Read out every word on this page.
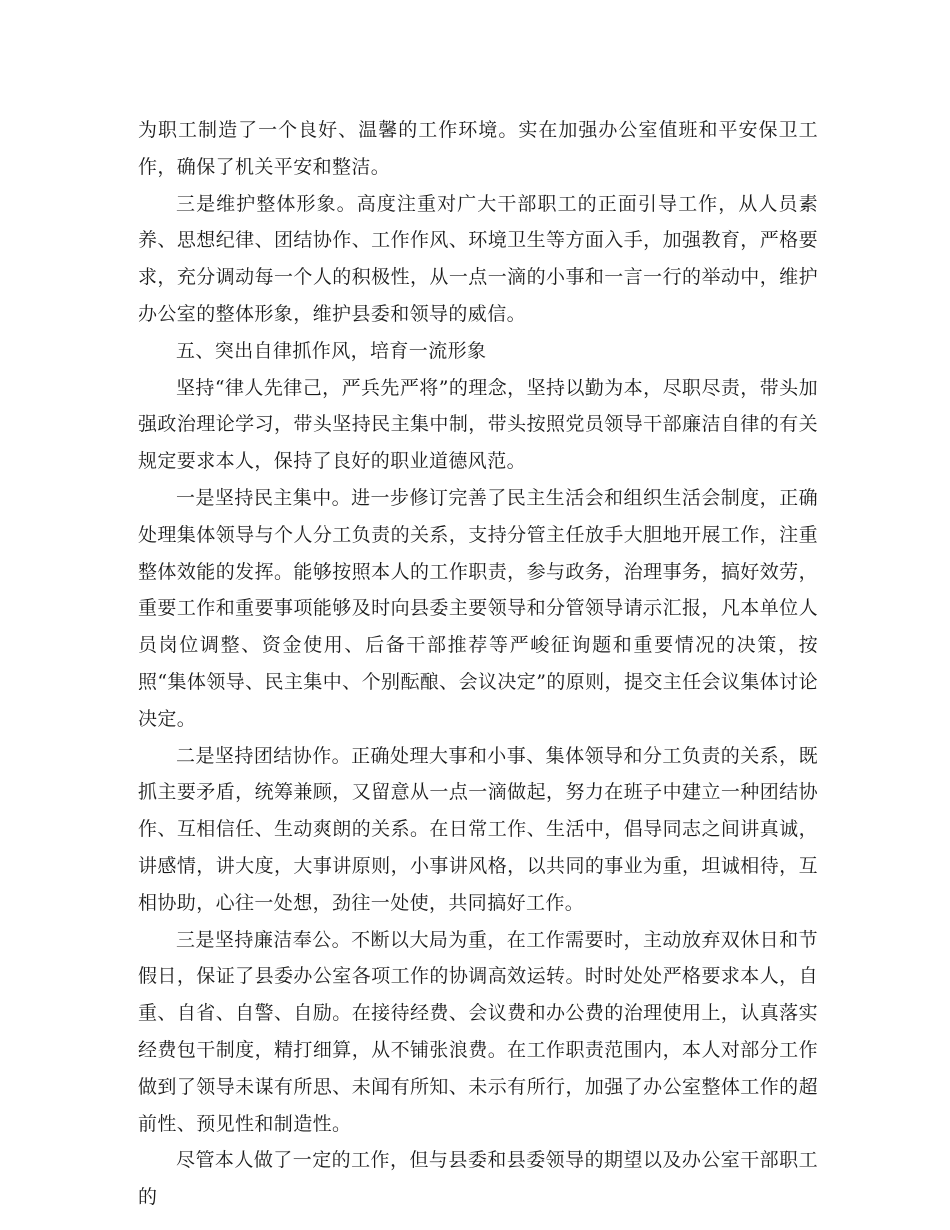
为职工制造了一个良好、温馨的工作环境。实在加强办公室值班和平安保卫工作，确保了机关平安和整洁。

三是维护整体形象。高度注重对广大干部职工的正面引导工作，从人员素养、思想纪律、团结协作、工作作风、环境卫生等方面入手，加强教育，严格要求，充分调动每一个人的积极性，从一点一滴的小事和一言一行的举动中，维护办公室的整体形象，维护县委和领导的威信。

五、突出自律抓作风，培育一流形象

坚持“律人先律己，严兵先严将”的理念，坚持以勤为本，尽职尽责，带头加强政治理论学习，带头坚持民主集中制，带头按照党员领导干部廉洁自律的有关规定要求本人，保持了良好的职业道德风范。

一是坚持民主集中。进一步修订完善了民主生活会和组织生活会制度，正确处理集体领导与个人分工负责的关系，支持分管主任放手大胆地开展工作，注重整体效能的发挥。能够按照本人的工作职责，参与政务，治理事务，搞好效劳，重要工作和重要事项能够及时向县委主要领导和分管领导请示汇报，凡本单位人员岗位调整、资金使用、后备干部推荐等严峻征询题和重要情况的决策，按照“集体领导、民主集中、个别酝酿、会议决定”的原则，提交主任会议集体讨论决定。

二是坚持团结协作。正确处理大事和小事、集体领导和分工负责的关系，既抓主要矛盾，统筹兼顾，又留意从一点一滴做起，努力在班子中建立一种团结协作、互相信任、生动爽朗的关系。在日常工作、生活中，倡导同志之间讲真诚，讲感情，讲大度，大事讲原则，小事讲风格，以共同的事业为重，坦诚相待，互相协助，心往一处想，劲往一处使，共同搞好工作。

三是坚持廉洁奉公。不断以大局为重，在工作需要时，主动放弃双休日和节假日，保证了县委办公室各项工作的协调高效运转。时时处处严格要求本人，自重、自省、自警、自励。在接待经费、会议费和办公费的治理使用上，认真落实经费包干制度，精打细算，从不铺张浪费。在工作职责范围内，本人对部分工作做到了领导未谋有所思、未闻有所知、未示有所行，加强了办公室整体工作的超前性、预见性和制造性。

尽管本人做了一定的工作，但与县委和县委领导的期望以及办公室干部职工的
